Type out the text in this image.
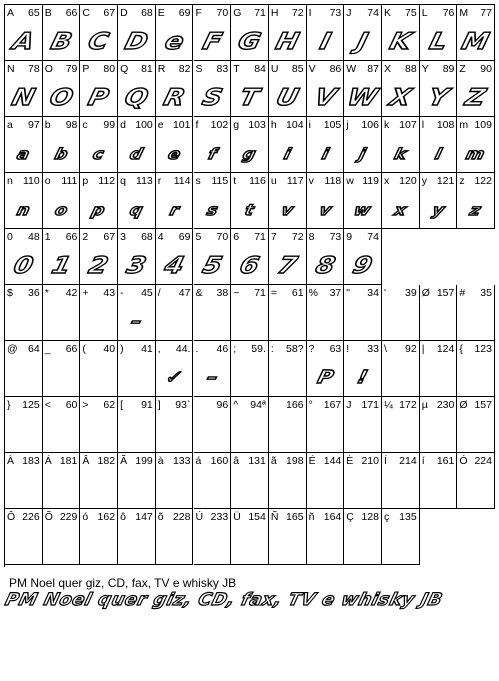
A 65
A
B 66
B
C 67
C
D 68
D
E 69
e
F 70
F
G 71
G
H 72
H
I 73
I
J 74
J
K 75
K
L 76
L
M 77
M
N 78
N
O 79
O
P 80
P
Q 81
Q
R 82
R
S 83
S
T 84
T
U 85
U
V 86
V
W 87
W
X 88
X
Y 89
Y
Z 90
Z
a 97
a
b 98
b
c 99
c
d 100
d
e 101
e
f 102
f
g 103
g
h 104
i
i 105
i
j 106
j
k 107
k
l 108
l
m 109
m
n 110
n
o 111
o
p 112
p
q 113
q
r 114
r
s 115
s
t 116
t
u 117
v
v 118
v
w 119
w
x 120
x
y 121
y
z 122
z
0 48
0
1 66
1
2 67
2
3 68
3
4 69
4
5 70
5
6 71
6
7 72
7
8 73
8
9 74
9
$ 36 * 42 + 43 - 45
–
/ 47 & 38 ~ 71 = 61 % 37 " 34 ' 39 Ø 157 # 35
@ 64 _ 66 ( 40 ) 41 , 44.
✓
. 46
–
; 59. : 58? ? 63
P
! 33
!
\ 92 | 124 { 123
} 125 < 60 > 62 [ 91 ] 93` 96 ^ 94ª 166 ° 167 J 171 ¼ 172 µ 230 Ø 157
À 183 Á 181 Â 182 Ã 199 à 133 á 160 â 131 ã 198 É 144 È 210 Í 214 í 161 Ó 224
Ô 226 Õ 229 ó 162 ô 147 õ 228 Ú 233 Ü 154 Ñ 165 ñ 164 Ç 128 ç 135
PM Noel quer giz, CD, fax, TV e whisky JB
PM Noel quer giz, CD, fax, TV e whisky JB
